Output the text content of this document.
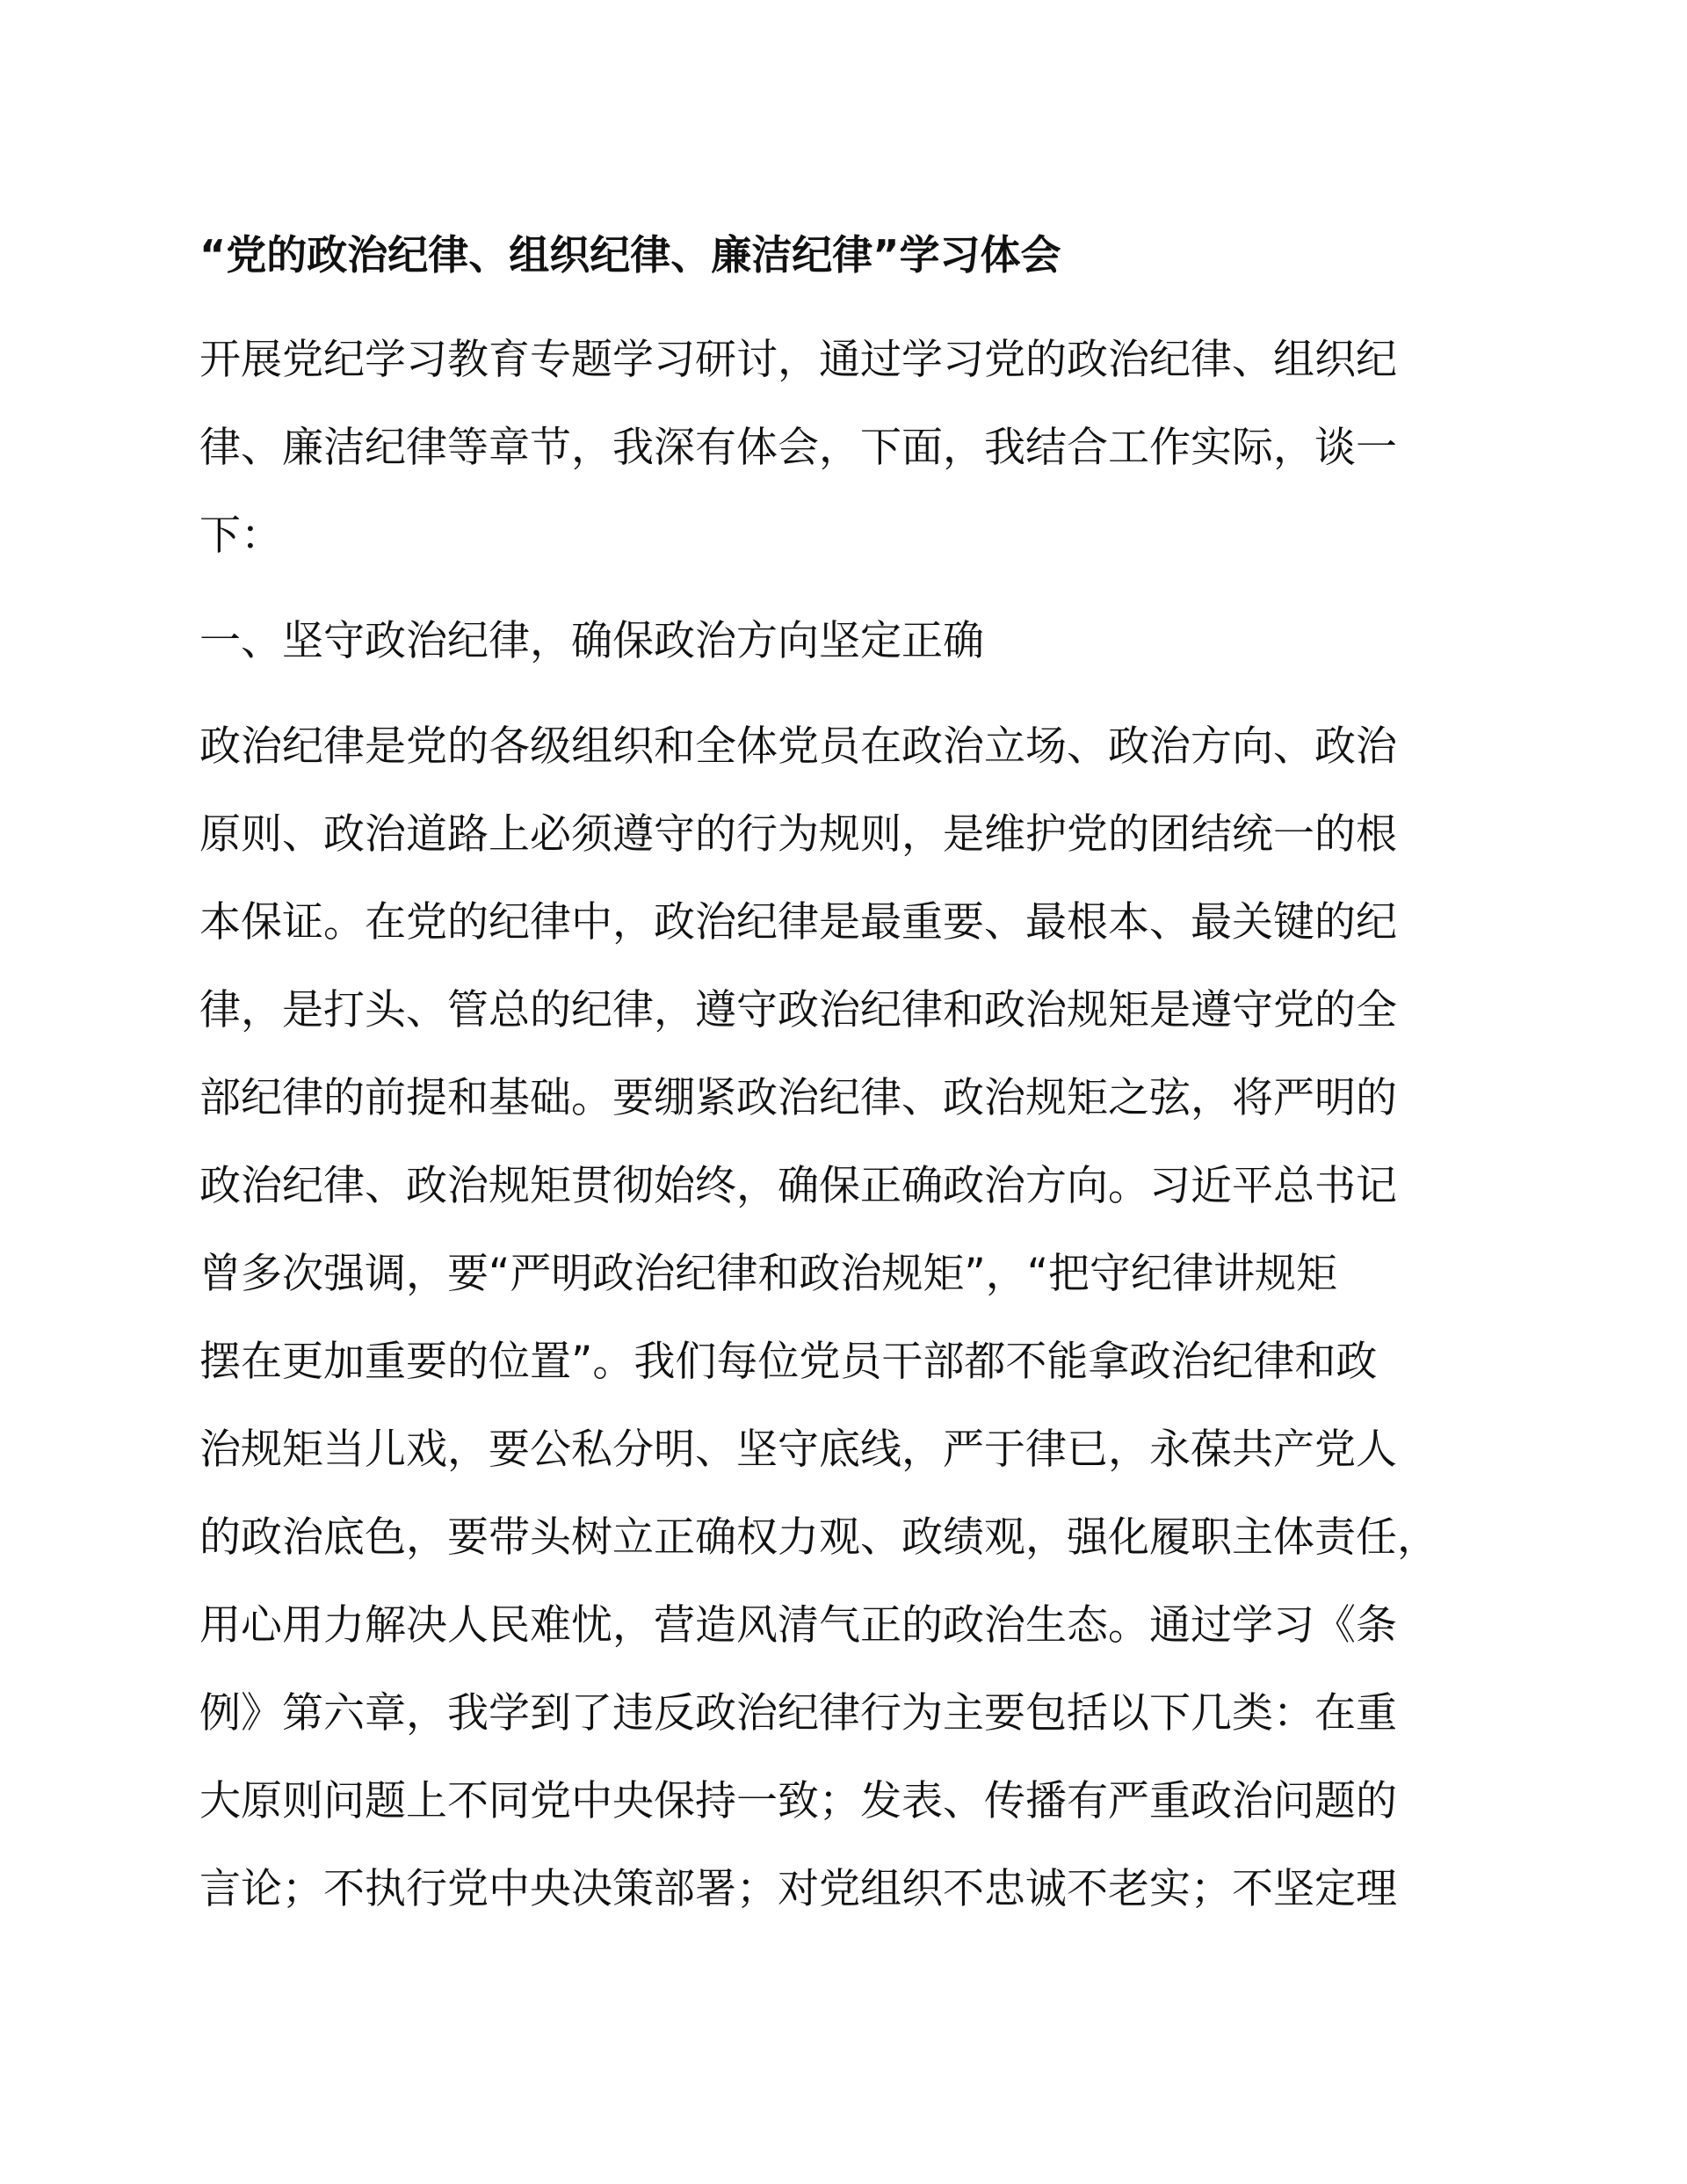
“党的政治纪律、组织纪律、廉洁纪律”学习体会

开展党纪学习教育专题学习研讨，通过学习党的政治纪律、组织纪
律、廉洁纪律等章节，我深有体会，下面，我结合工作实际，谈一
下：

一、坚守政治纪律，确保政治方向坚定正确

政治纪律是党的各级组织和全体党员在政治立场、政治方向、政治
原则、政治道路上必须遵守的行为规则，是维护党的团结统一的根
本保证。在党的纪律中，政治纪律是最重要、最根本、最关键的纪
律，是打头、管总的纪律，遵守政治纪律和政治规矩是遵守党的全
部纪律的前提和基础。要绷紧政治纪律、政治规矩之弦，将严明的
政治纪律、政治规矩贯彻始终，确保正确政治方向。习近平总书记
曾多次强调，要“严明政治纪律和政治规矩”，“把守纪律讲规矩
摆在更加重要的位置”。我们每位党员干部都不能拿政治纪律和政
治规矩当儿戏，要公私分明、坚守底线，严于律已，永葆共产党人
的政治底色，要带头树立正确权力观、政绩观，强化履职主体责任，
用心用力解决人民难忧，营造风清气正的政治生态。通过学习《条
例》第六章，我学到了违反政治纪律行为主要包括以下几类：在重
大原则问题上不同党中央保持一致；发表、传播有严重政治问题的
言论；不执行党中央决策部署；对党组织不忠诚不老实；不坚定理
